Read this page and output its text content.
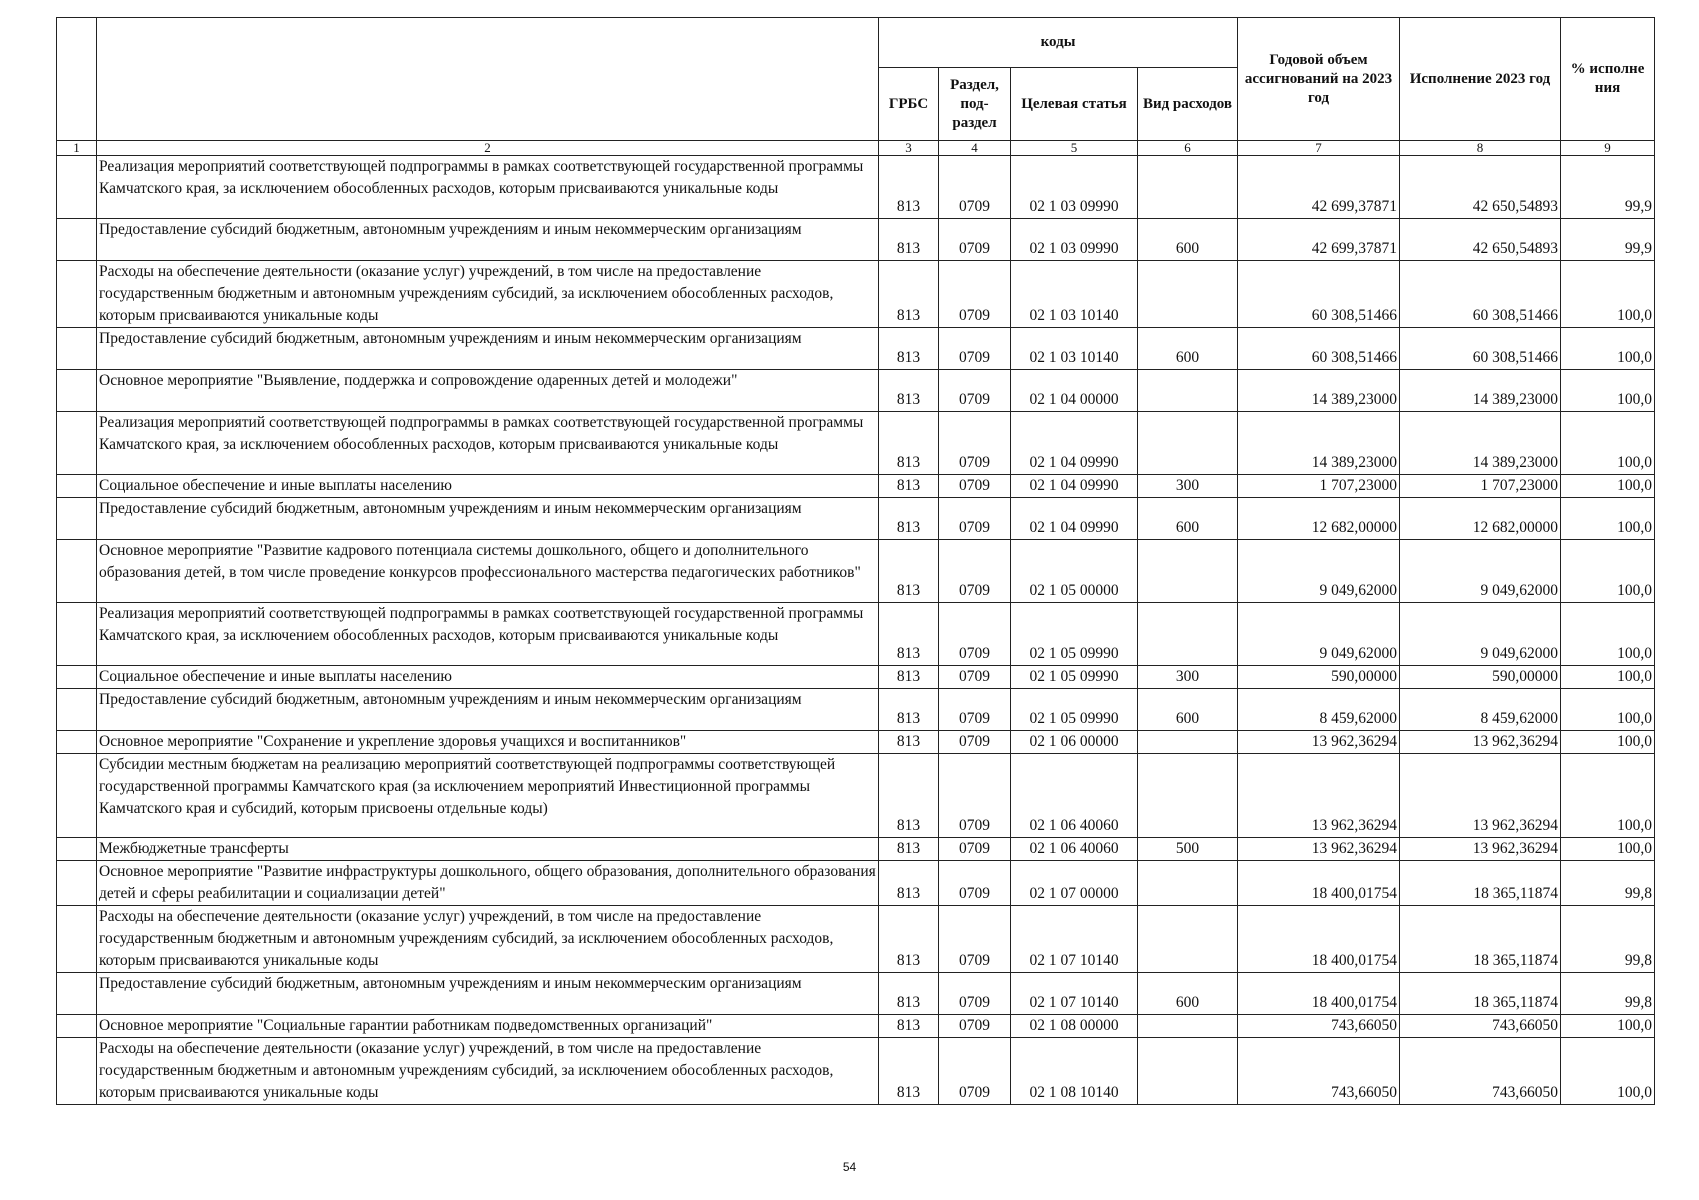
		коды				Годовой объем ассигнований на 2023 год	Исполнение 2023 год	% исполне ния
		ГРБС	Раздел, под-раздел	Целевая статья	Вид расходов			
1	2	3	4	5	6	7	8	9
	Реализация мероприятий соответствующей подпрограммы в рамках соответствующей государственной программы Камчатского края, за исключением обособленных расходов, которым присваиваются уникальные коды	813	0709	02 1 03 09990		42 699,37871	42 650,54893	99,9
	Предоставление субсидий бюджетным, автономным учреждениям и иным некоммерческим организациям	813	0709	02 1 03 09990	600	42 699,37871	42 650,54893	99,9
	Расходы на обеспечение деятельности (оказание услуг) учреждений, в том числе на предоставление государственным бюджетным и автономным учреждениям субсидий, за исключением обособленных расходов, которым присваиваются уникальные коды	813	0709	02 1 03 10140		60 308,51466	60 308,51466	100,0
	Предоставление субсидий бюджетным, автономным учреждениям и иным некоммерческим организациям	813	0709	02 1 03 10140	600	60 308,51466	60 308,51466	100,0
	Основное мероприятие "Выявление, поддержка и сопровождение одаренных детей и молодежи"	813	0709	02 1 04 00000		14 389,23000	14 389,23000	100,0
	Реализация мероприятий соответствующей подпрограммы в рамках соответствующей государственной программы Камчатского края, за исключением обособленных расходов, которым присваиваются уникальные коды	813	0709	02 1 04 09990		14 389,23000	14 389,23000	100,0
	Социальное обеспечение и иные выплаты населению	813	0709	02 1 04 09990	300	1 707,23000	1 707,23000	100,0
	Предоставление субсидий бюджетным, автономным учреждениям и иным некоммерческим организациям	813	0709	02 1 04 09990	600	12 682,00000	12 682,00000	100,0
	Основное мероприятие "Развитие кадрового потенциала системы дошкольного, общего и дополнительного образования детей, в том числе проведение конкурсов профессионального мастерства педагогических работников"	813	0709	02 1 05 00000		9 049,62000	9 049,62000	100,0
	Реализация мероприятий соответствующей подпрограммы в рамках соответствующей государственной программы Камчатского края, за исключением обособленных расходов, которым присваиваются уникальные коды	813	0709	02 1 05 09990		9 049,62000	9 049,62000	100,0
	Социальное обеспечение и иные выплаты населению	813	0709	02 1 05 09990	300	590,00000	590,00000	100,0
	Предоставление субсидий бюджетным, автономным учреждениям и иным некоммерческим организациям	813	0709	02 1 05 09990	600	8 459,62000	8 459,62000	100,0
	Основное мероприятие "Сохранение и укрепление здоровья учащихся и воспитанников"	813	0709	02 1 06 00000		13 962,36294	13 962,36294	100,0
	Субсидии местным бюджетам на реализацию мероприятий соответствующей подпрограммы соответствующей государственной программы Камчатского края (за исключением мероприятий Инвестиционной программы Камчатского края и субсидий, которым присвоены отдельные коды)	813	0709	02 1 06 40060		13 962,36294	13 962,36294	100,0
	Межбюджетные трансферты	813	0709	02 1 06 40060	500	13 962,36294	13 962,36294	100,0
	Основное мероприятие "Развитие инфраструктуры дошкольного, общего образования, дополнительного образования детей и сферы реабилитации и социализации детей"	813	0709	02 1 07 00000		18 400,01754	18 365,11874	99,8
	Расходы на обеспечение деятельности (оказание услуг) учреждений, в том числе на предоставление государственным бюджетным и автономным учреждениям субсидий, за исключением обособленных расходов, которым присваиваются уникальные коды	813	0709	02 1 07 10140		18 400,01754	18 365,11874	99,8
	Предоставление субсидий бюджетным, автономным учреждениям и иным некоммерческим организациям	813	0709	02 1 07 10140	600	18 400,01754	18 365,11874	99,8
	Основное мероприятие "Социальные гарантии работникам подведомственных организаций"	813	0709	02 1 08 00000		743,66050	743,66050	100,0
	Расходы на обеспечение деятельности (оказание услуг) учреждений, в том числе на предоставление государственным бюджетным и автономным учреждениям субсидий, за исключением обособленных расходов, которым присваиваются уникальные коды	813	0709	02 1 08 10140		743,66050	743,66050	100,0
54
